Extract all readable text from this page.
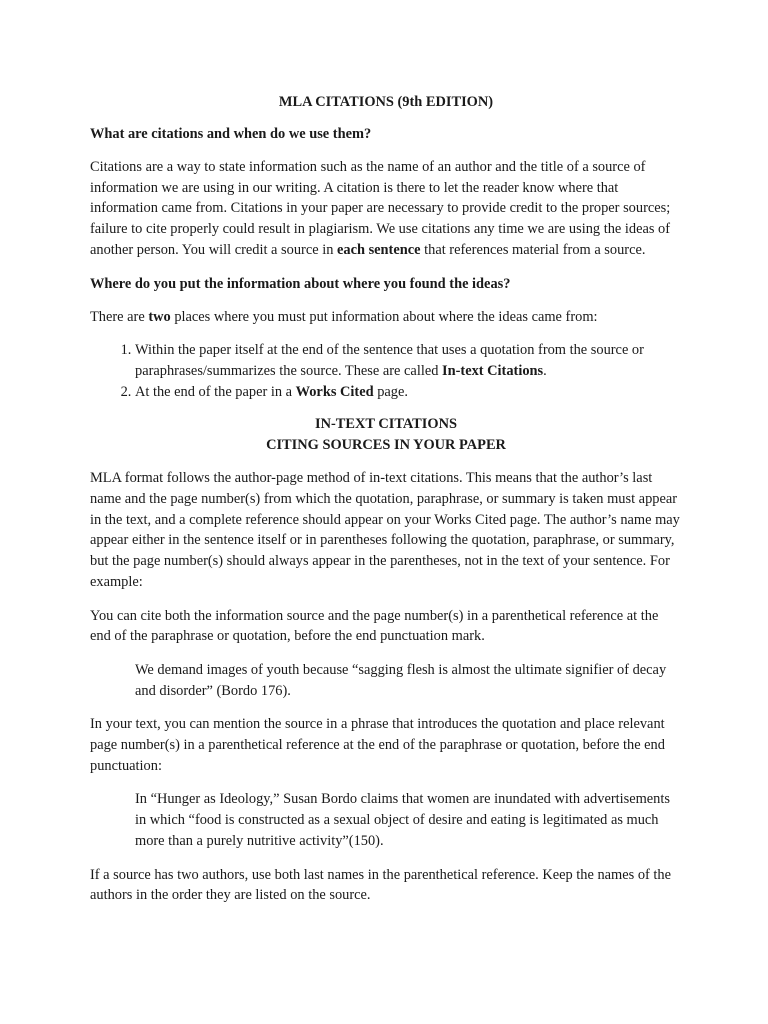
MLA CITATIONS (9th EDITION)
What are citations and when do we use them?

Citations are a way to state information such as the name of an author and the title of a source of information we are using in our writing. A citation is there to let the reader know where that information came from. Citations in your paper are necessary to provide credit to the proper sources; failure to cite properly could result in plagiarism. We use citations any time we are using the ideas of another person. You will credit a source in each sentence that references material from a source.

Where do you put the information about where you found the ideas?

There are two places where you must put information about where the ideas came from:

1. Within the paper itself at the end of the sentence that uses a quotation from the source or paraphrases/summarizes the source. These are called In-text Citations.
2. At the end of the paper in a Works Cited page.
IN-TEXT CITATIONS
CITING SOURCES IN YOUR PAPER

MLA format follows the author-page method of in-text citations. This means that the author’s last name and the page number(s) from which the quotation, paraphrase, or summary is taken must appear in the text, and a complete reference should appear on your Works Cited page. The author’s name may appear either in the sentence itself or in parentheses following the quotation, paraphrase, or summary, but the page number(s) should always appear in the parentheses, not in the text of your sentence. For example:

You can cite both the information source and the page number(s) in a parenthetical reference at the end of the paraphrase or quotation, before the end punctuation mark.

We demand images of youth because “sagging flesh is almost the ultimate signifier of decay and disorder” (Bordo 176).

In your text, you can mention the source in a phrase that introduces the quotation and place relevant page number(s) in a parenthetical reference at the end of the paraphrase or quotation, before the end punctuation:

In “Hunger as Ideology,” Susan Bordo claims that women are inundated with advertisements in which “food is constructed as a sexual object of desire and eating is legitimated as much more than a purely nutritive activity”(150).

If a source has two authors, use both last names in the parenthetical reference. Keep the names of the authors in the order they are listed on the source.
